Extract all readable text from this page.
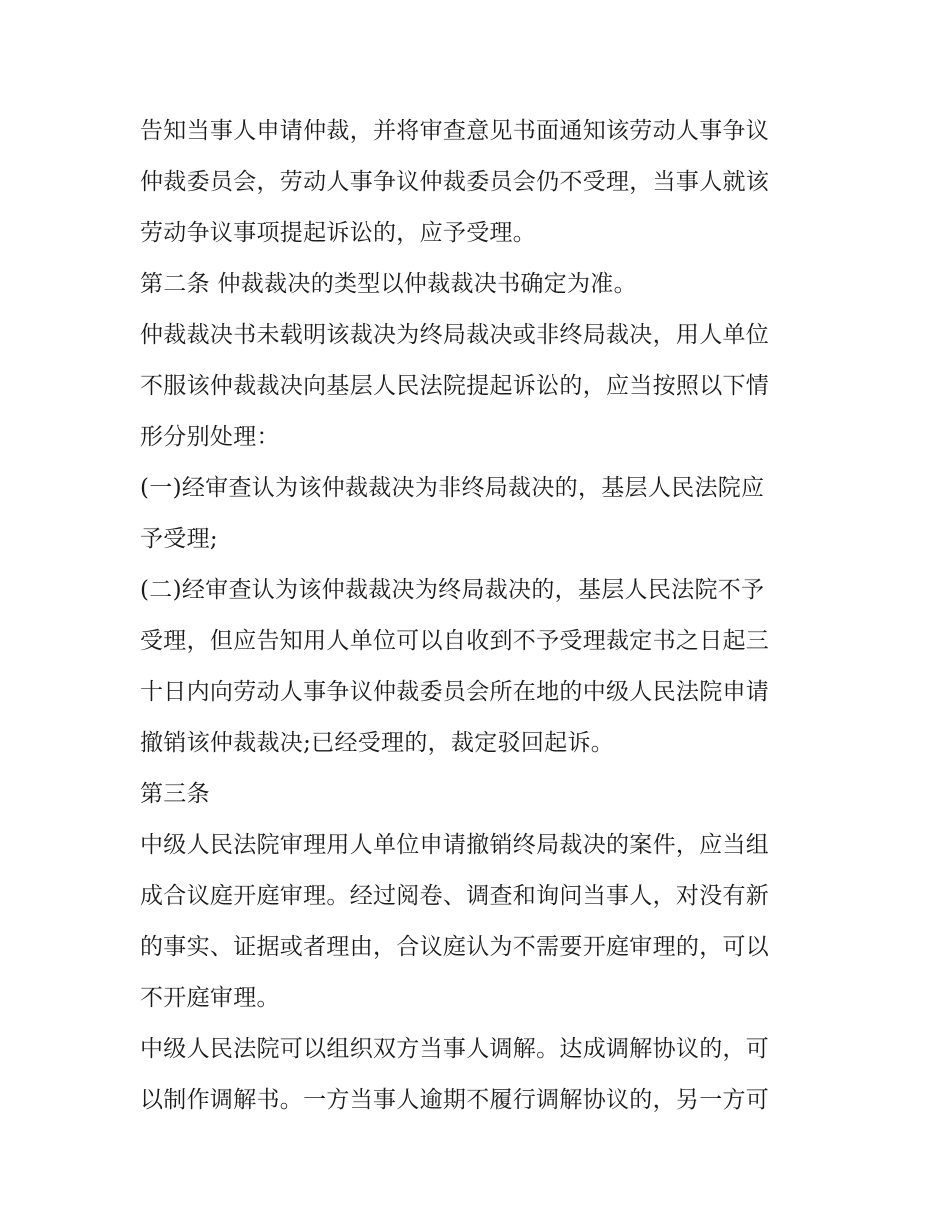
告知当事人申请仲裁，并将审查意见书面通知该劳动人事争议
仲裁委员会，劳动人事争议仲裁委员会仍不受理，当事人就该
劳动争议事项提起诉讼的，应予受理。
第二条 仲裁裁决的类型以仲裁裁决书确定为准。
仲裁裁决书未载明该裁决为终局裁决或非终局裁决，用人单位
不服该仲裁裁决向基层人民法院提起诉讼的，应当按照以下情
形分别处理：
(一)经审查认为该仲裁裁决为非终局裁决的，基层人民法院应
予受理;
(二)经审查认为该仲裁裁决为终局裁决的，基层人民法院不予
受理，但应告知用人单位可以自收到不予受理裁定书之日起三
十日内向劳动人事争议仲裁委员会所在地的中级人民法院申请
撤销该仲裁裁决;已经受理的，裁定驳回起诉。
第三条
中级人民法院审理用人单位申请撤销终局裁决的案件，应当组
成合议庭开庭审理。经过阅卷、调查和询问当事人，对没有新
的事实、证据或者理由，合议庭认为不需要开庭审理的，可以
不开庭审理。
中级人民法院可以组织双方当事人调解。达成调解协议的，可
以制作调解书。一方当事人逾期不履行调解协议的，另一方可
